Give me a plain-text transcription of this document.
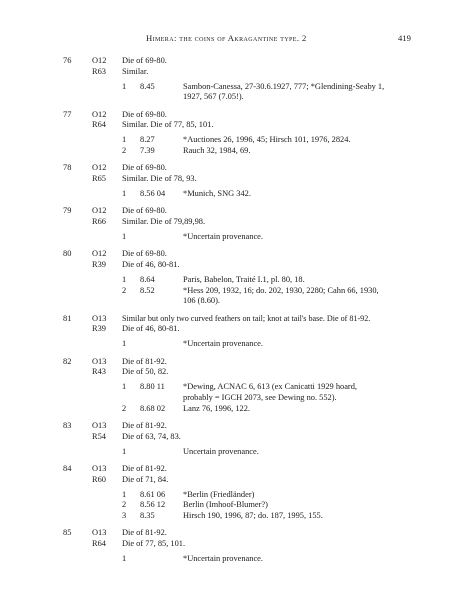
Himera: the coins of Akragantine type. 2	419
76 O12 Die of 69-80.
R63 Similar.
1 8.45	Sambon-Canessa, 27-30.6.1927, 777; *Glendining-Seaby 1, 1927, 567 (7.05!).
77 O12 Die of 69-80.
R64 Similar. Die of 77, 85, 101.
1 8.27	*Auctiones 26, 1996, 45; Hirsch 101, 1976, 2824.
2 7.39	Rauch 32, 1984, 69.
78 O12 Die of 69-80.
R65 Similar. Die of 78, 93.
1 8.56 04 *Munich, SNG 342.
79 O12 Die of 69-80.
R66 Similar. Die of 79,89,98.
1	*Uncertain provenance.
80 O12 Die of 69-80.
R39 Die of 46, 80-81.
1 8.64	Paris, Babelon, Traité I.1, pl. 80, 18.
2 8.52	*Hess 209, 1932, 16; do. 202, 1930, 2280; Cahn 66, 1930, 106 (8.60).
81 O13 Similar but only two curved feathers on tail; knot at tail's base. Die of 81-92.
R39 Die of 46, 80-81.
1	*Uncertain provenance.
82 O13 Die of 81-92.
R43 Die of 50, 82.
1 8.80 11 *Dewing, ACNAC 6, 613 (ex Canicatti 1929 hoard, probably = IGCH 2073, see Dewing no. 552).
2 8.68 02 Lanz 76, 1996, 122.
83 O13 Die of 81-92.
R54 Die of 63, 74, 83.
1	Uncertain provenance.
84 O13 Die of 81-92.
R60 Die of 71, 84.
1 8.61 06 *Berlin (Friedländer)
2 8.56 12 Berlin (Imhoof-Blumer?)
3 8.35	Hirsch 190, 1996, 87; do. 187, 1995, 155.
85 O13 Die of 81-92.
R64 Die of 77, 85, 101.
1	*Uncertain provenance.
